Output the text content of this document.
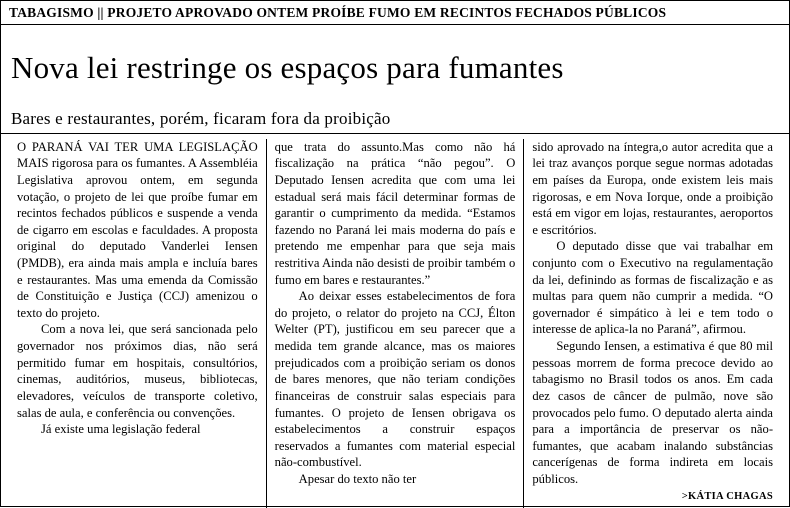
TABAGISMO || PROJETO APROVADO ONTEM PROÍBE FUMO EM RECINTOS FECHADOS PÚBLICOS
Nova lei restringe os espaços para fumantes
Bares e restaurantes, porém, ficaram fora da proibição

O PARANÁ VAI TER UMA LEGISLAÇÃO MAIS rigorosa para os fumantes. A Assembléia Legislativa aprovou ontem, em segunda votação, o projeto de lei que proíbe fumar em recintos fechados públicos e suspende a venda de cigarro em escolas e faculdades. A proposta original do deputado Vanderlei Iensen (PMDB), era ainda mais ampla e incluía bares e restaurantes. Mas uma emenda da Comissão de Constituição e Justiça (CCJ) amenizou o texto do projeto.

Com a nova lei, que será sancionada pelo governador nos próximos dias, não será permitido fumar em hospitais, consultórios, cinemas, auditórios, museus, bibliotecas, elevadores, veículos de transporte coletivo, salas de aula, e conferência ou convenções.

Já existe uma legislação federal

que trata do assunto.Mas como não há fiscalização na prática “não pegou”. O Deputado Iensen acredita que com uma lei estadual será mais fácil determinar formas de garantir o cumprimento da medida. “Estamos fazendo no Paraná lei mais moderna do país e pretendo me empenhar para que seja mais restritiva Ainda não desisti de proibir também o fumo em bares e restaurantes.”

Ao deixar esses estabelecimentos de fora do projeto, o relator do projeto na CCJ, Élton Welter (PT), justificou em seu parecer que a medida tem grande alcance, mas os maiores prejudicados com a proibição seriam os donos de bares menores, que não teriam condições financeiras de construir salas especiais para fumantes. O projeto de Iensen obrigava os estabelecimentos a construir espaços reservados a fumantes com material especial não-combustível.

Apesar do texto não ter

sido aprovado na íntegra,o autor acredita que a lei traz avanços porque segue normas adotadas em países da Europa, onde existem leis mais rigorosas, e em Nova Iorque, onde a proibição está em vigor em lojas, restaurantes, aeroportos e escritórios.

O deputado disse que vai trabalhar em conjunto com o Executivo na regulamentação da lei, definindo as formas de fiscalização e as multas para quem não cumprir a medida. “O governador é simpático à lei e tem todo o interesse de aplica-la no Paraná”, afirmou.

Segundo Iensen, a estimativa é que 80 mil pessoas morrem de forma precoce devido ao tabagismo no Brasil todos os anos. Em cada dez casos de câncer de pulmão, nove são provocados pelo fumo. O deputado alerta ainda para a importância de preservar os não-fumantes, que acabam inalando substâncias cancerígenas de forma indireta em locais públicos.

>KÁTIA CHAGAS
